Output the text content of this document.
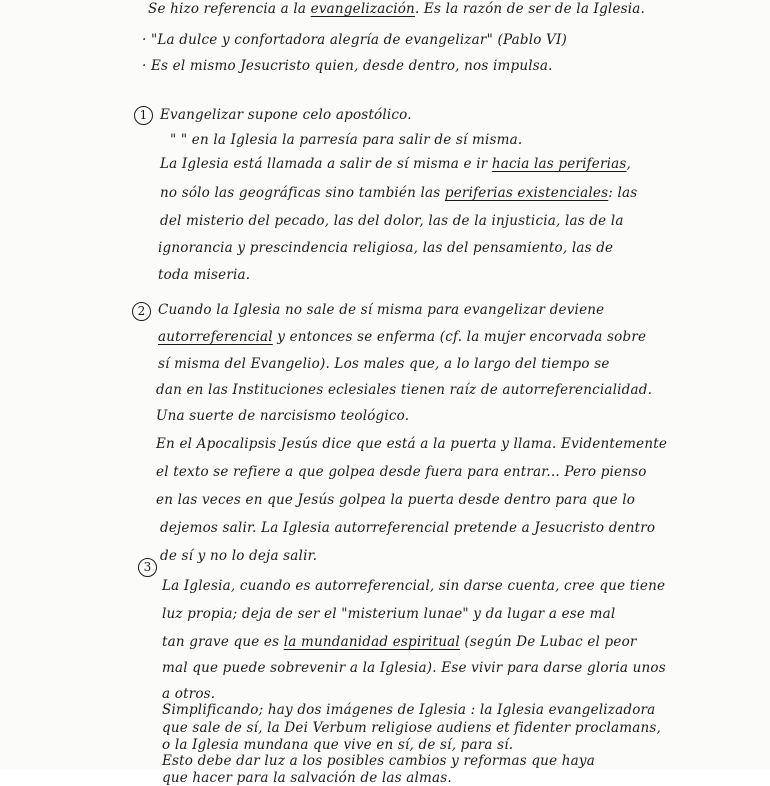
Se hizo referencia a la evangelización. Es la razón de ser de la Iglesia.
· "La dulce y confortadora alegría de evangelizar" (Pablo VI)
· Es el mismo Jesucristo quien, desde dentro, nos impulsa.
1 Evangelizar supone celo apostólico.
" " en la Iglesia la parresía para salir de sí misma.
La Iglesia está llamada a salir de sí misma e ir hacia las periferias,
no sólo las geográficas sino también las periferias existenciales: las
del misterio del pecado, las del dolor, las de la injusticia, las de la
ignorancia y prescindencia religiosa, las del pensamiento, las de
toda miseria.
2 Cuando la Iglesia no sale de sí misma para evangelizar deviene
autorreferencial y entonces se enferma (cf. la mujer encorvada sobre
sí misma del Evangelio). Los males que, a lo largo del tiempo se
dan en las Instituciones eclesiales tienen raíz de autorreferencialidad.
Una suerte de narcisismo teológico.
En el Apocalipsis Jesús dice que está a la puerta y llama. Evidentemente
el texto se refiere a que golpea desde fuera para entrar... Pero pienso
en las veces en que Jesús golpea la puerta desde dentro para que lo
dejemos salir. La Iglesia autorreferencial pretende a Jesucristo dentro
de sí y no lo deja salir.
3
La Iglesia, cuando es autorreferencial, sin darse cuenta, cree que tiene
luz propia; deja de ser el "misterium lunae" y da lugar a ese mal
tan grave que es la mundanidad espiritual (según De Lubac el peor
mal que puede sobrevenir a la Iglesia). Ese vivir para darse gloria unos
a otros.
Simplificando; hay dos imágenes de Iglesia : la Iglesia evangelizadora
que sale de sí, la Dei Verbum religiose audiens et fidenter proclamans,
o la Iglesia mundana que vive en sí, de sí, para sí.
Esto debe dar luz a los posibles cambios y reformas que haya
que hacer para la salvación de las almas.
